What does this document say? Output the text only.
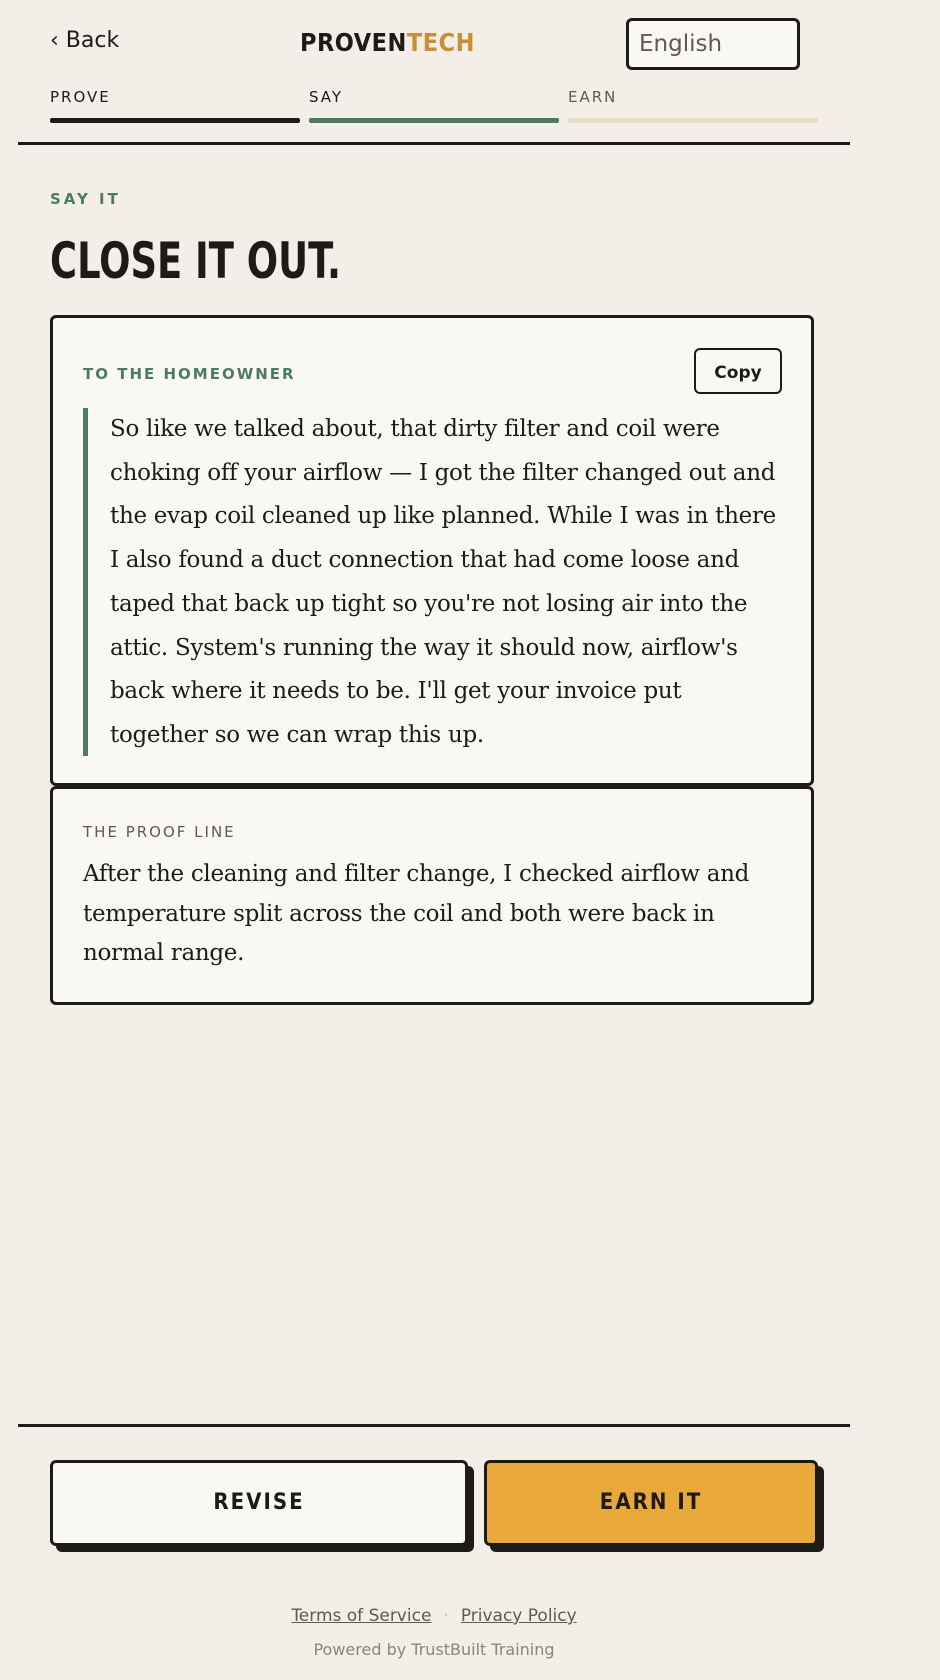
‹ Back	PROVENTECH	English
PROVE	SAY	EARN
SAY IT
CLOSE IT OUT.
TO THE HOMEOWNER	Copy
So like we talked about, that dirty filter and coil were choking off your airflow — I got the filter changed out and the evap coil cleaned up like planned. While I was in there I also found a duct connection that had come loose and taped that back up tight so you're not losing air into the attic. System's running the way it should now, airflow's back where it needs to be. I'll get your invoice put together so we can wrap this up.
THE PROOF LINE
After the cleaning and filter change, I checked airflow and temperature split across the coil and both were back in normal range.
REVISE	EARN IT
Terms of Service · Privacy Policy
Powered by TrustBuilt Training
